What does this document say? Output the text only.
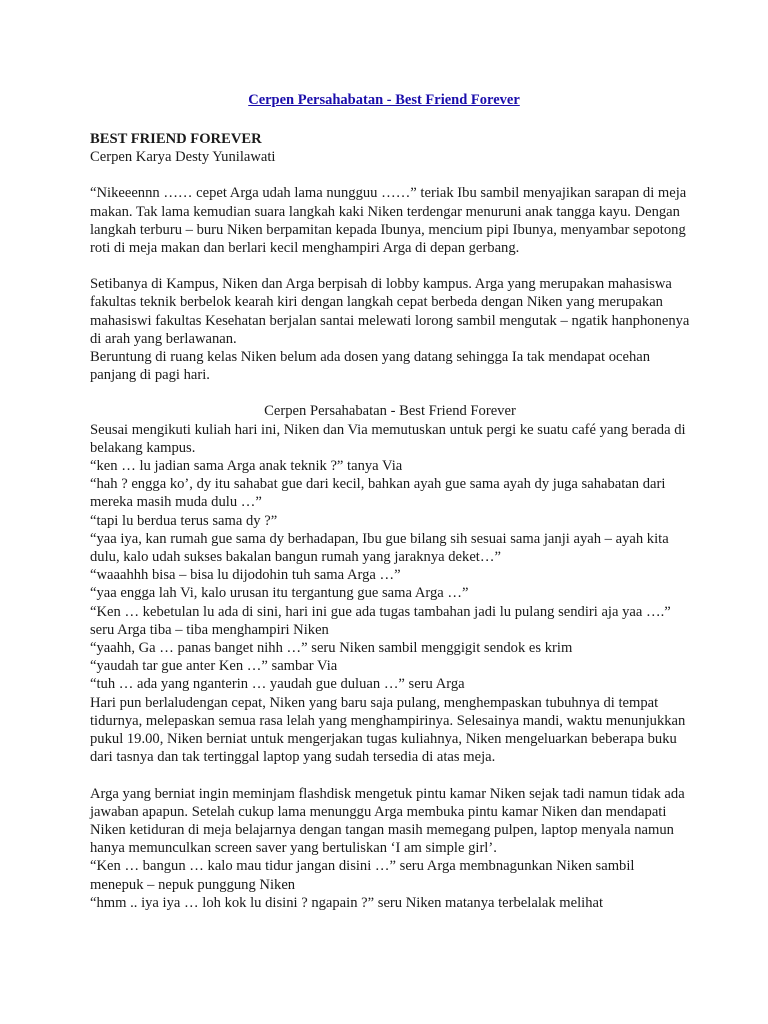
Cerpen Persahabatan - Best Friend Forever

BEST FRIEND FOREVER

Cerpen Karya Desty Yunilawati

“Nikeeennn …… cepet Arga udah lama nungguu ……” teriak Ibu sambil menyajikan sarapan di meja makan. Tak lama kemudian suara langkah kaki Niken terdengar menuruni anak tangga kayu. Dengan langkah terburu – buru Niken berpamitan kepada Ibunya, mencium pipi Ibunya, menyambar sepotong roti di meja makan dan berlari kecil menghampiri Arga di depan gerbang.

Setibanya di Kampus, Niken dan Arga berpisah di lobby kampus. Arga yang merupakan mahasiswa fakultas teknik berbelok kearah kiri dengan langkah cepat berbeda dengan Niken yang merupakan mahasiswi fakultas Kesehatan berjalan santai melewati lorong sambil mengutak – ngatik hanphonenya di arah yang berlawanan.

Beruntung di ruang kelas Niken belum ada dosen yang datang sehingga Ia tak mendapat ocehan panjang di pagi hari.

Cerpen Persahabatan - Best Friend Forever

Seusai mengikuti kuliah hari ini, Niken dan Via memutuskan untuk pergi ke suatu café yang berada di belakang kampus.

“ken … lu jadian sama Arga anak teknik ?” tanya Via

“hah ? engga ko’, dy itu sahabat gue dari kecil, bahkan ayah gue sama ayah dy juga sahabatan dari mereka masih muda dulu …”

“tapi lu berdua terus sama dy ?”

“yaa iya, kan rumah gue sama dy berhadapan, Ibu gue bilang sih sesuai sama janji ayah – ayah kita dulu, kalo udah sukses bakalan bangun rumah yang jaraknya deket…”

“waaahhh bisa – bisa lu dijodohin tuh sama Arga …”

“yaa engga lah Vi, kalo urusan itu tergantung gue sama Arga …”

“Ken … kebetulan lu ada di sini, hari ini gue ada tugas tambahan jadi lu pulang sendiri aja yaa ….” seru Arga tiba – tiba menghampiri Niken

“yaahh, Ga … panas banget nihh …” seru Niken sambil menggigit sendok es krim

“yaudah tar gue anter Ken …” sambar Via

“tuh … ada yang nganterin … yaudah gue duluan …” seru Arga

Hari pun berlaludengan cepat, Niken yang baru saja pulang, menghempaskan tubuhnya di tempat tidurnya, melepaskan semua rasa lelah yang menghampirinya. Selesainya mandi, waktu menunjukkan pukul 19.00, Niken berniat untuk mengerjakan tugas kuliahnya, Niken mengeluarkan beberapa buku dari tasnya dan tak tertinggal laptop yang sudah tersedia di atas meja.

Arga yang berniat ingin meminjam flashdisk mengetuk pintu kamar Niken sejak tadi namun tidak ada jawaban apapun. Setelah cukup lama menunggu Arga membuka pintu kamar Niken dan mendapati Niken ketiduran di meja belajarnya dengan tangan masih memegang pulpen, laptop menyala namun hanya memunculkan screen saver yang bertuliskan ‘I am simple girl’.

“Ken … bangun … kalo mau tidur jangan disini …” seru Arga membnagunkan Niken sambil menepuk – nepuk punggung Niken

“hmm .. iya iya … loh kok lu disini ? ngapain ?” seru Niken matanya terbelalak melihat
